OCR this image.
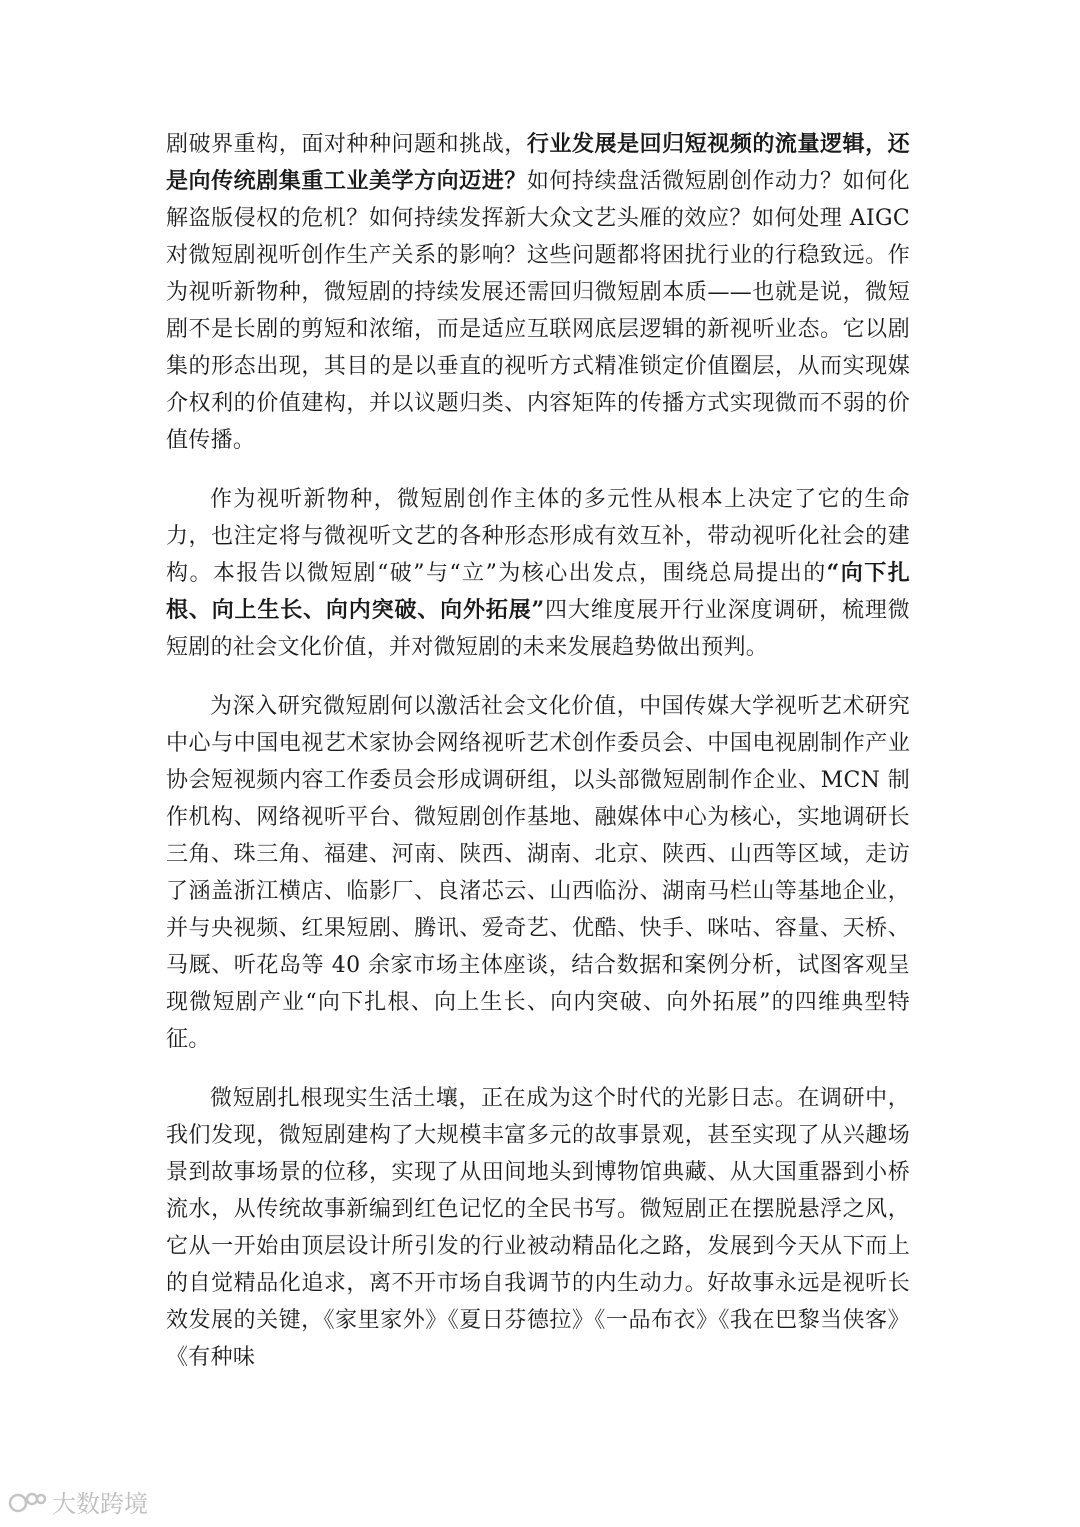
剧破界重构，面对种种问题和挑战，行业发展是回归短视频的流量逻辑，还是向传统剧集重工业美学方向迈进？如何持续盘活微短剧创作动力？如何化解盗版侵权的危机？如何持续发挥新大众文艺头雁的效应？如何处理 AIGC 对微短剧视听创作生产关系的影响？这些问题都将困扰行业的行稳致远。作为视听新物种，微短剧的持续发展还需回归微短剧本质——也就是说，微短剧不是长剧的剪短和浓缩，而是适应互联网底层逻辑的新视听业态。它以剧集的形态出现，其目的是以垂直的视听方式精准锁定价值圈层，从而实现媒介权利的价值建构，并以议题归类、内容矩阵的传播方式实现微而不弱的价值传播。

作为视听新物种，微短剧创作主体的多元性从根本上决定了它的生命力，也注定将与微视听文艺的各种形态形成有效互补，带动视听化社会的建构。本报告以微短剧“破”与“立”为核心出发点，围绕总局提出的“向下扎根、向上生长、向内突破、向外拓展”四大维度展开行业深度调研，梳理微短剧的社会文化价值，并对微短剧的未来发展趋势做出预判。

为深入研究微短剧何以激活社会文化价值，中国传媒大学视听艺术研究中心与中国电视艺术家协会网络视听艺术创作委员会、中国电视剧制作产业协会短视频内容工作委员会形成调研组，以头部微短剧制作企业、MCN 制作机构、网络视听平台、微短剧创作基地、融媒体中心为核心，实地调研长三角、珠三角、福建、河南、陕西、湖南、北京、陕西、山西等区域，走访了涵盖浙江横店、临影厂、良渚芯云、山西临汾、湖南马栏山等基地企业，并与央视频、红果短剧、腾讯、爱奇艺、优酷、快手、咪咕、容量、天桥、马厩、听花岛等 40 余家市场主体座谈，结合数据和案例分析，试图客观呈现微短剧产业“向下扎根、向上生长、向内突破、向外拓展”的四维典型特征。

微短剧扎根现实生活土壤，正在成为这个时代的光影日志。在调研中，我们发现，微短剧建构了大规模丰富多元的故事景观，甚至实现了从兴趣场景到故事场景的位移，实现了从田间地头到博物馆典藏、从大国重器到小桥流水，从传统故事新编到红色记忆的全民书写。微短剧正在摆脱悬浮之风，它从一开始由顶层设计所引发的行业被动精品化之路，发展到今天从下而上的自觉精品化追求，离不开市场自我调节的内生动力。好故事永远是视听长效发展的关键，《家里家外》《夏日芬德拉》《一品布衣》《我在巴黎当侠客》《有种味

大数跨境
